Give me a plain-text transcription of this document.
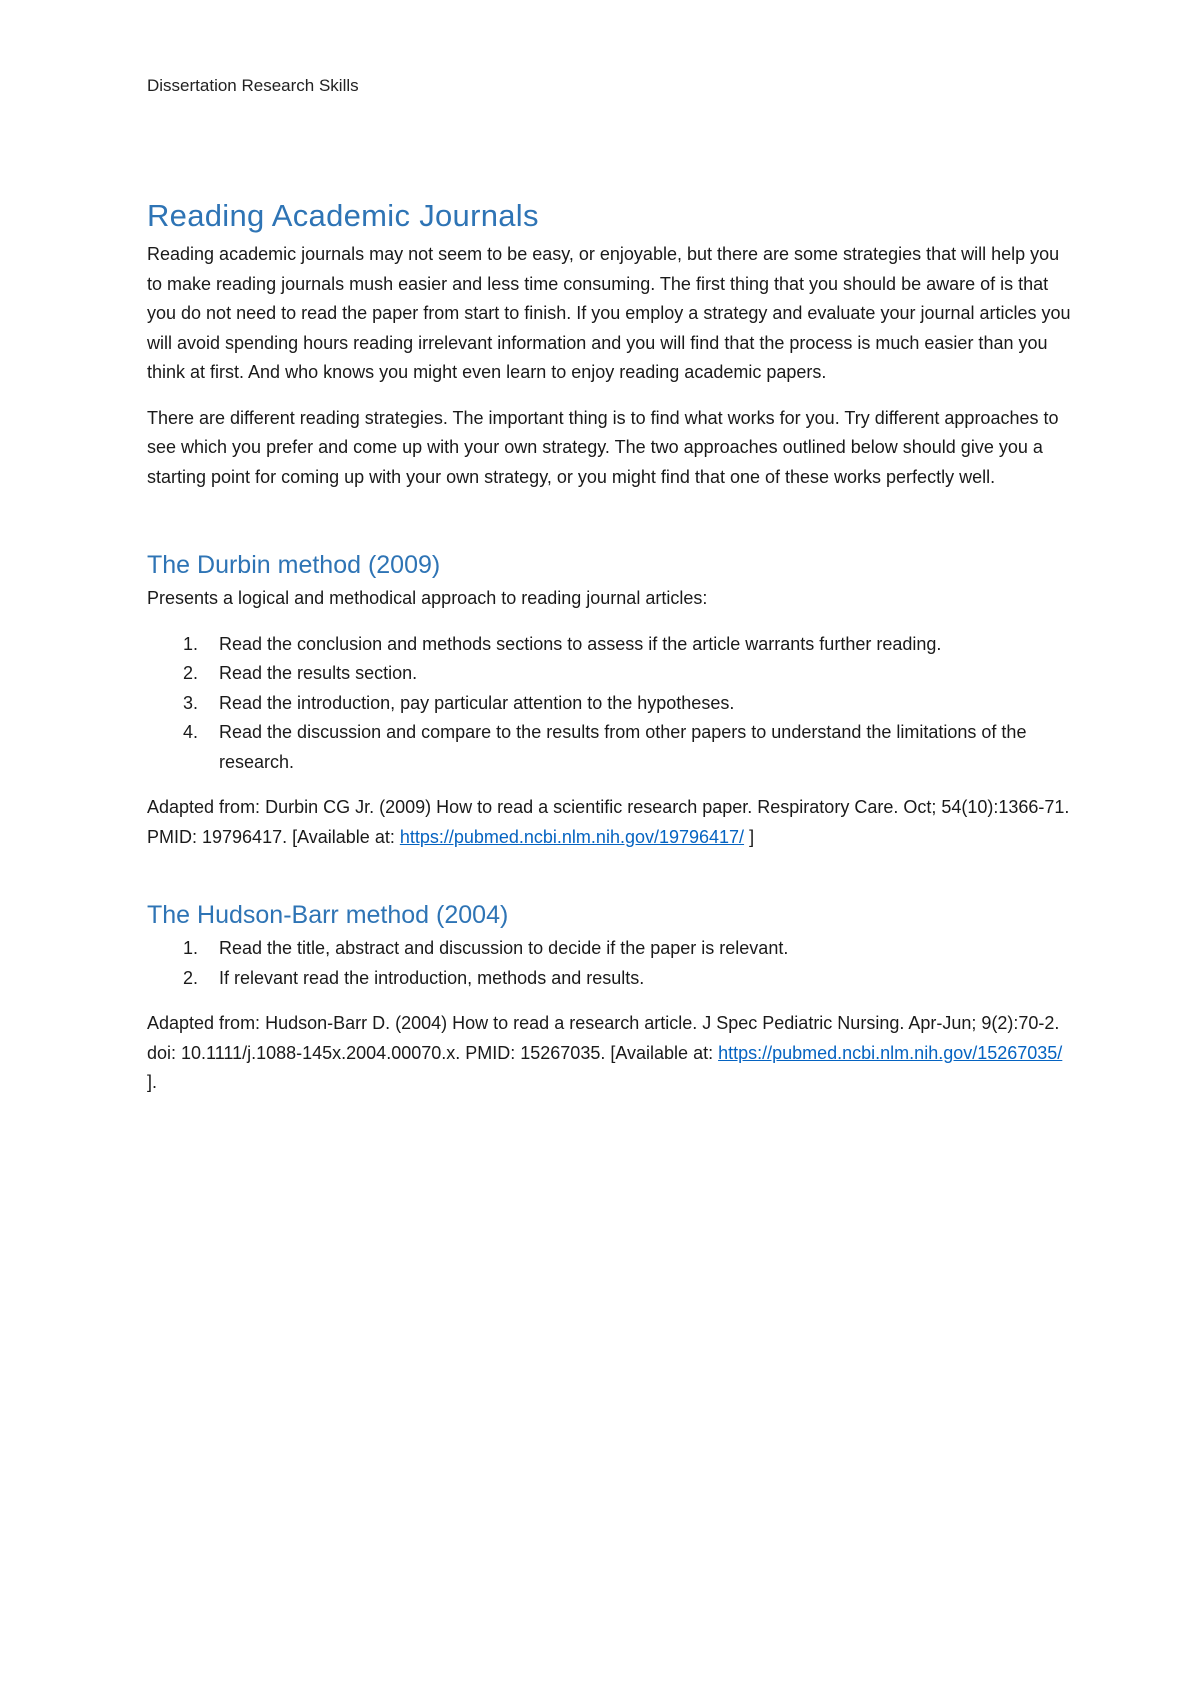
Dissertation Research Skills
Reading Academic Journals

Reading academic journals may not seem to be easy, or enjoyable, but there are some strategies that will help you to make reading journals mush easier and less time consuming. The first thing that you should be aware of is that you do not need to read the paper from start to finish. If you employ a strategy and evaluate your journal articles you will avoid spending hours reading irrelevant information and you will find that the process is much easier than you think at first. And who knows you might even learn to enjoy reading academic papers.

There are different reading strategies. The important thing is to find what works for you. Try different approaches to see which you prefer and come up with your own strategy. The two approaches outlined below should give you a starting point for coming up with your own strategy, or you might find that one of these works perfectly well.

The Durbin method (2009)

Presents a logical and methodical approach to reading journal articles:

1. Read the conclusion and methods sections to assess if the article warrants further reading.
2. Read the results section.
3. Read the introduction, pay particular attention to the hypotheses.
4. Read the discussion and compare to the results from other papers to understand the limitations of the research.

Adapted from: Durbin CG Jr. (2009) How to read a scientific research paper. Respiratory Care. Oct; 54(10):1366-71. PMID: 19796417. [Available at: https://pubmed.ncbi.nlm.nih.gov/19796417/ ]

The Hudson-Barr method (2004)
1. Read the title, abstract and discussion to decide if the paper is relevant.
2. If relevant read the introduction, methods and results.

Adapted from: Hudson-Barr D. (2004) How to read a research article. J Spec Pediatric Nursing. Apr-Jun; 9(2):70-2. doi: 10.1111/j.1088-145x.2004.00070.x. PMID: 15267035. [Available at: https://pubmed.ncbi.nlm.nih.gov/15267035/ ].
